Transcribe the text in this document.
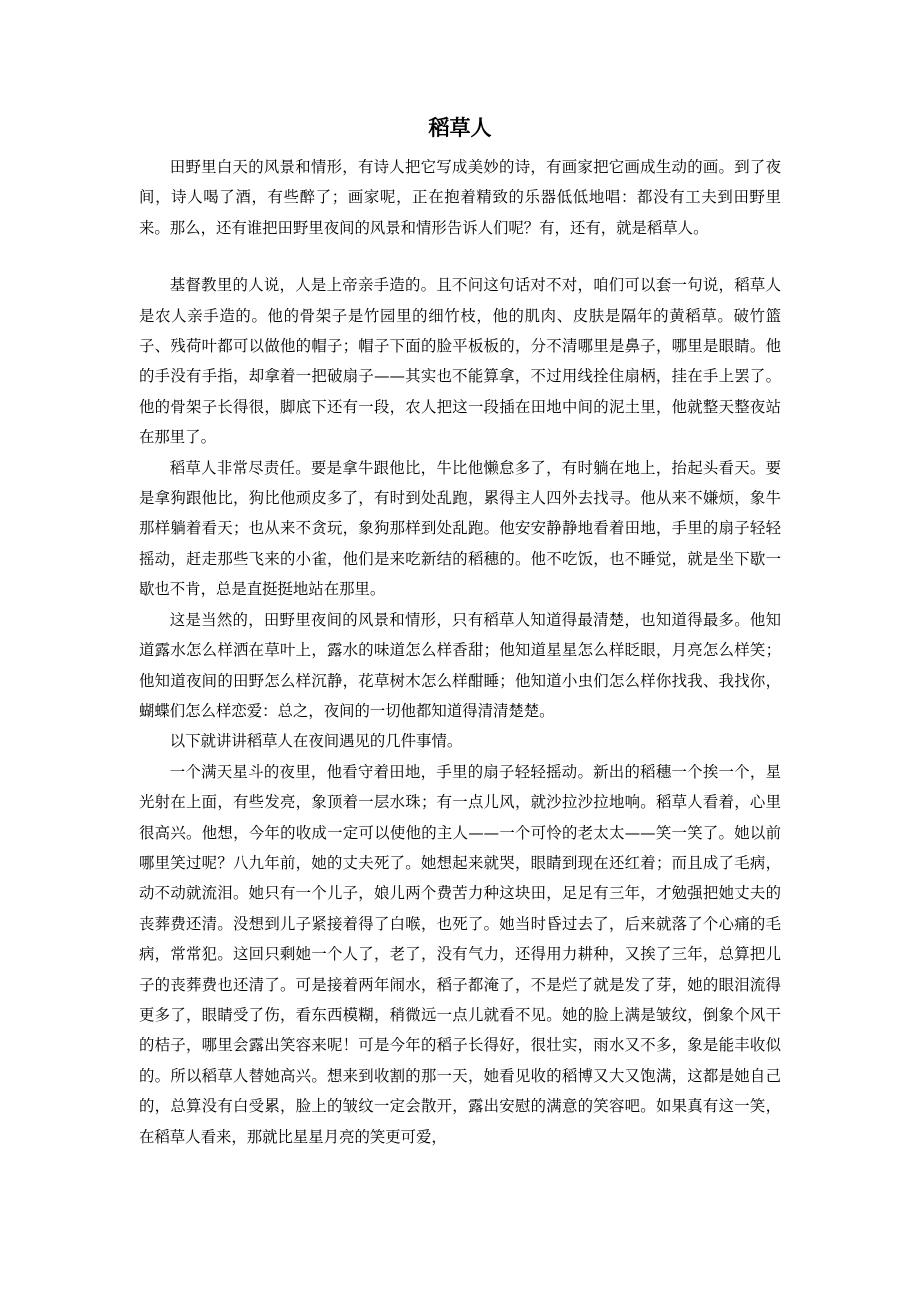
稻草人

田野里白天的风景和情形，有诗人把它写成美妙的诗，有画家把它画成生动的画。到了夜间，诗人喝了酒，有些醉了；画家呢，正在抱着精致的乐器低低地唱：都没有工夫到田野里来。那么，还有谁把田野里夜间的风景和情形告诉人们呢？有，还有，就是稻草人。

基督教里的人说，人是上帝亲手造的。且不问这句话对不对，咱们可以套一句说，稻草人是农人亲手造的。他的骨架子是竹园里的细竹枝，他的肌肉、皮肤是隔年的黄稻草。破竹篮子、残荷叶都可以做他的帽子；帽子下面的脸平板板的，分不清哪里是鼻子，哪里是眼睛。他的手没有手指，却拿着一把破扇子——其实也不能算拿，不过用线拴住扇柄，挂在手上罢了。他的骨架子长得很，脚底下还有一段，农人把这一段插在田地中间的泥土里，他就整天整夜站在那里了。

稻草人非常尽责任。要是拿牛跟他比，牛比他懒怠多了，有时躺在地上，抬起头看天。要是拿狗跟他比，狗比他顽皮多了，有时到处乱跑，累得主人四外去找寻。他从来不嫌烦，象牛那样躺着看天；也从来不贪玩，象狗那样到处乱跑。他安安静静地看着田地，手里的扇子轻轻摇动，赶走那些飞来的小雀，他们是来吃新结的稻穗的。他不吃饭，也不睡觉，就是坐下歇一歇也不肯，总是直挺挺地站在那里。

这是当然的，田野里夜间的风景和情形，只有稻草人知道得最清楚，也知道得最多。他知道露水怎么样洒在草叶上，露水的味道怎么样香甜；他知道星星怎么样眨眼，月亮怎么样笑；他知道夜间的田野怎么样沉静，花草树木怎么样酣睡；他知道小虫们怎么样你找我、我找你，蝴蝶们怎么样恋爱：总之，夜间的一切他都知道得清清楚楚。

以下就讲讲稻草人在夜间遇见的几件事情。

一个满天星斗的夜里，他看守着田地，手里的扇子轻轻摇动。新出的稻穗一个挨一个，星光射在上面，有些发亮，象顶着一层水珠；有一点儿风，就沙拉沙拉地响。稻草人看着，心里很高兴。他想，今年的收成一定可以使他的主人——一个可怜的老太太——笑一笑了。她以前哪里笑过呢？八九年前，她的丈夫死了。她想起来就哭，眼睛到现在还红着；而且成了毛病，动不动就流泪。她只有一个儿子，娘儿两个费苦力种这块田，足足有三年，才勉强把她丈夫的丧葬费还清。没想到儿子紧接着得了白喉，也死了。她当时昏过去了，后来就落了个心痛的毛病，常常犯。这回只剩她一个人了，老了，没有气力，还得用力耕种，又挨了三年，总算把儿子的丧葬费也还清了。可是接着两年闹水，稻子都淹了，不是烂了就是发了芽，她的眼泪流得更多了，眼睛受了伤，看东西模糊，稍微远一点儿就看不见。她的脸上满是皱纹，倒象个风干的桔子，哪里会露出笑容来呢！可是今年的稻子长得好，很壮实，雨水又不多，象是能丰收似的。所以稻草人替她高兴。想来到收割的那一天，她看见收的稻博又大又饱满，这都是她自己的，总算没有白受累，脸上的皱纹一定会散开，露出安慰的满意的笑容吧。如果真有这一笑，在稻草人看来，那就比星星月亮的笑更可爱，
